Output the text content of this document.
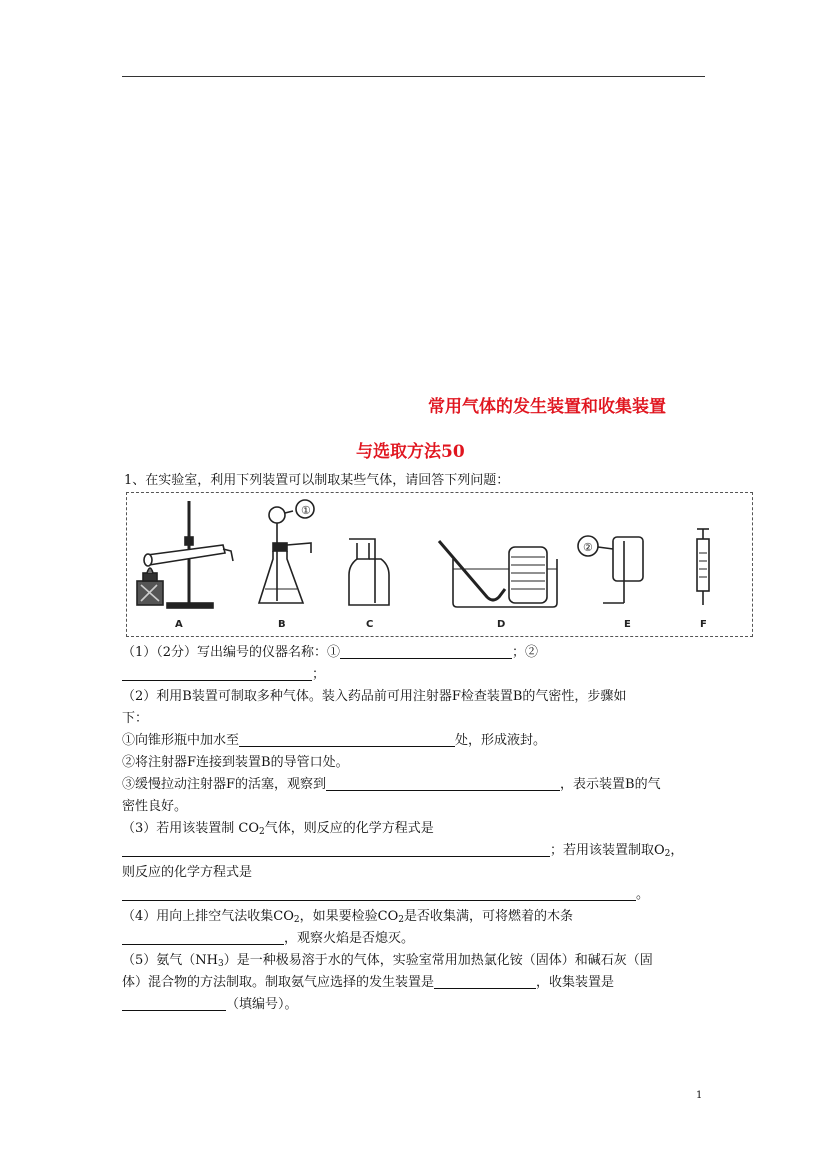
常用气体的发生装置和收集装置
与选取方法50
1、在实验室，利用下列装置可以制取某些气体，请回答下列问题：
①
②
A	B	C	D	E	F
（1）（2分）写出编号的仪器名称：①	；②
；
（2）利用B装置可制取多种气体。装入药品前可用注射器F检查装置B的气密性，步骤如
下：
①向锥形瓶中加水至	处，形成液封。
②将注射器F连接到装置B的导管口处。
③缓慢拉动注射器F的活塞，观察到	，表示装置B的气
密性良好。
（3）若用该装置制 $CO_2$气体，则反应的化学方程式是
；若用该装置制取$O_2$，
则反应的化学方程式是
。
（4）用向上排空气法收集$CO_2$，如果要检验$CO_2$是否收集满，可将燃着的木条
，观察火焰是否熄灭。
（5）氨气$(NH_3)$是一种极易溶于水的气体，实验室常用加热氯化铵（固体）和碱石灰（固
体）混合物的方法制取。制取氨气应选择的发生装置是	，收集装置是
（填编号）。
1
